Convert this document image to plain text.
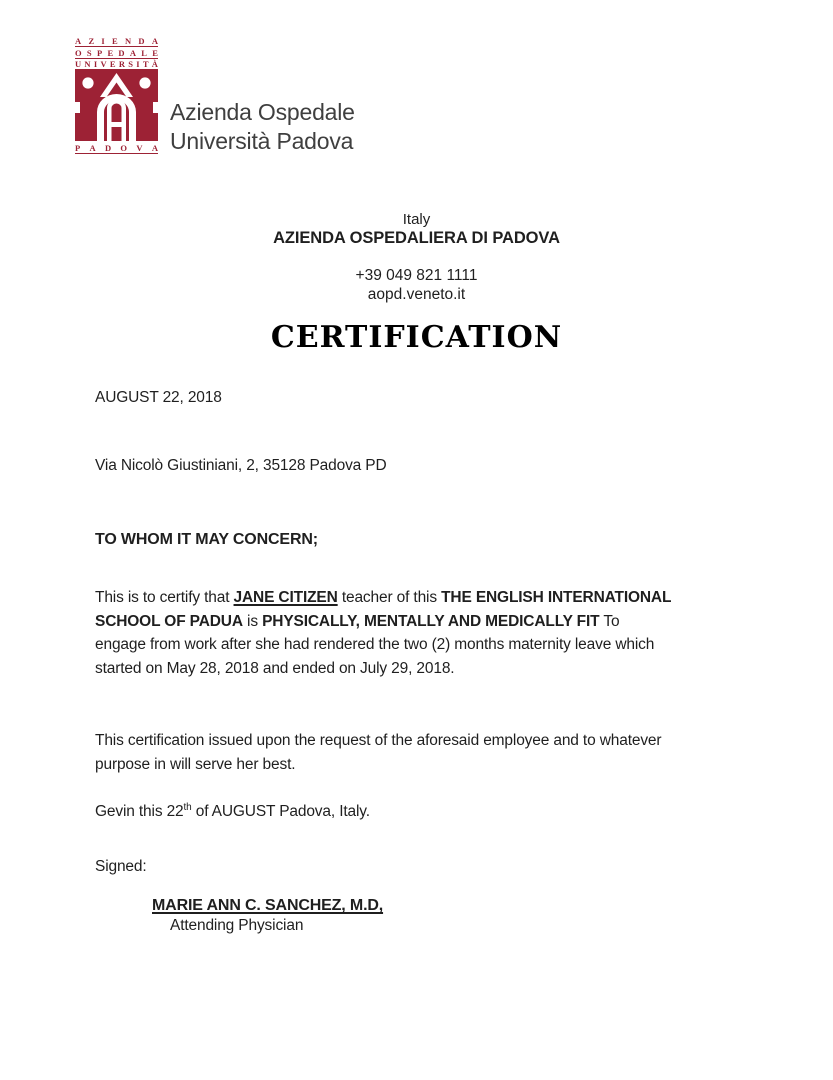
A Z I E N D A
O S P E D A L E
U N I V E R S I T À
P A D O V A
Azienda Ospedale
Università Padova
Italy
AZIENDA OSPEDALIERA DI PADOVA
+39 049 821 1111
aopd.veneto.it
CERTIFICATION

AUGUST 22, 2018

Via Nicolò Giustiniani, 2, 35128 Padova PD

TO WHOM IT MAY CONCERN;

This is to certify that JANE CITIZEN teacher of this THE ENGLISH INTERNATIONAL
SCHOOL OF PADUA is PHYSICALLY, MENTALLY AND MEDICALLY FIT To
engage from work after she had rendered the two (2) months maternity leave which
started on May 28, 2018 and ended on July 29, 2018.

This certification issued upon the request of the aforesaid employee and to whatever
purpose in will serve her best.

Gevin this 22th of AUGUST Padova, Italy.

Signed:

MARIE ANN C. SANCHEZ, M.D,

Attending Physician
